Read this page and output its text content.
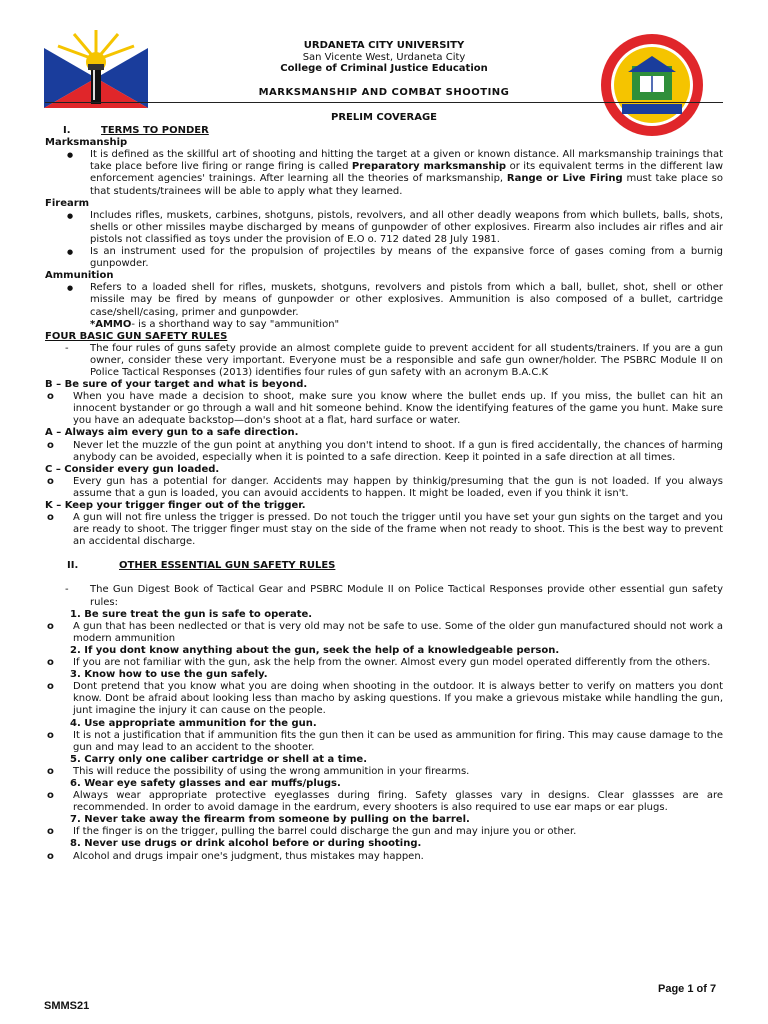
URDANETA CITY UNIVERSITY
San Vicente West, Urdaneta City
College of Criminal Justice Education
MARKSMANSHIP AND COMBAT SHOOTING
PRELIM COVERAGE
I.	TERMS TO PONDER
Marksmanship
● It is defined as the skillful art of shooting and hitting the target at a given or known distance. All marksmanship trainings that take place before live firing or range firing is called Preparatory marksmanship or its equivalent terms in the different law enforcement agencies' trainings. After learning all the theories of marksmanship, Range or Live Firing must take place so that students/trainees will be able to apply what they learned.
Firearm
● Includes rifles, muskets, carbines, shotguns, pistols, revolvers, and all other deadly weapons from which bullets, balls, shots, shells or other missiles maybe discharged by means of gunpowder of other explosives. Firearm also includes air rifles and air pistols not classified as toys under the provision of E.O o. 712 dated 28 July 1981.
● Is an instrument used for the propulsion of projectiles by means of the expansive force of gases coming from a burnig gunpowder.
Ammunition
● Refers to a loaded shell for rifles, muskets, shotguns, revolvers and pistols from which a ball, bullet, shot, shell or other missile may be fired by means of gunpowder or other explosives. Ammunition is also composed of a bullet, cartridge case/shell/casing, primer and gunpowder.
*AMMO- is a shorthand way to say "ammunition"
FOUR BASIC GUN SAFETY RULES
- The four rules of guns safety provide an almost complete guide to prevent accident for all students/trainers. If you are a gun owner, consider these very important. Everyone must be a responsible and safe gun owner/holder. The PSBRC Module II on Police Tactical Responses (2013) identifies four rules of gun safety with an acronym B.A.C.K
B – Be sure of your target and what is beyond.
o When you have made a decision to shoot, make sure you know where the bullet ends up. If you miss, the bullet can hit an innocent bystander or go through a wall and hit someone behind. Know the identifying features of the game you hunt. Make sure you have an adequate backstop—don's shoot at a flat, hard surface or water.
A – Always aim every gun to a safe direction.
o Never let the muzzle of the gun point at anything you don't intend to shoot. If a gun is fired accidentally, the chances of harming anybody can be avoided, especially when it is pointed to a safe direction. Keep it pointed in a safe direction at all times.
C – Consider every gun loaded.
o Every gun has a potential for danger. Accidents may happen by thinkig/presuming that the gun is not loaded. If you always assume that a gun is loaded, you can avouid accidents to happen. It might be loaded, even if you think it isn't.
K – Keep your trigger finger out of the trigger.
o A gun will not fire unless the trigger is pressed. Do not touch the trigger until you have set your gun sights on the target and you are ready to shoot. The trigger finger must stay on the side of the frame when not ready to shoot. This is the best way to prevent an accidental discharge.
II.	OTHER ESSENTIAL GUN SAFETY RULES
- The Gun Digest Book of Tactical Gear and PSBRC Module II on Police Tactical Responses provide other essential gun safety rules:
1. Be sure treat the gun is safe to operate.
o A gun that has been nedlected or that is very old may not be safe to use. Some of the older gun manufactured should not work a modern ammunition
2. If you dont know anything about the gun, seek the help of a knowledgeable person.
o If you are not familiar with the gun, ask the help from the owner. Almost every gun model operated differently from the others.
3. Know how to use the gun safely.
o Dont pretend that you know what you are doing when shooting in the outdoor. It is always better to verify on matters you dont know. Dont be afraid about looking less than macho by asking questions. If you make a grievous mistake while handling the gun, junt imagine the injury it can cause on the people.
4. Use appropriate ammunition for the gun.
o It is not a justification that if ammunition fits the gun then it can be used as ammunition for firing. This may cause damage to the gun and may lead to an accident to the shooter.
5. Carry only one caliber cartridge or shell at a time.
o This will reduce the possibility of using the wrong ammunition in your firearms.
6. Wear eye safety glasses and ear muffs/plugs.
o Always wear appropriate protective eyeglasses during firing. Safety glasses vary in designs. Clear glassses are are recommended. In order to avoid damage in the eardrum, every shooters is also required to use ear maps or ear plugs.
7. Never take away the firearm from someone by pulling on the barrel.
o If the finger is on the trigger, pulling the barrel could discharge the gun and may injure you or other.
8. Never use drugs or drink alcohol before or during shooting.
o Alcohol and drugs impair one's judgment, thus mistakes may happen.
Page 1 of 7
SMMS21
